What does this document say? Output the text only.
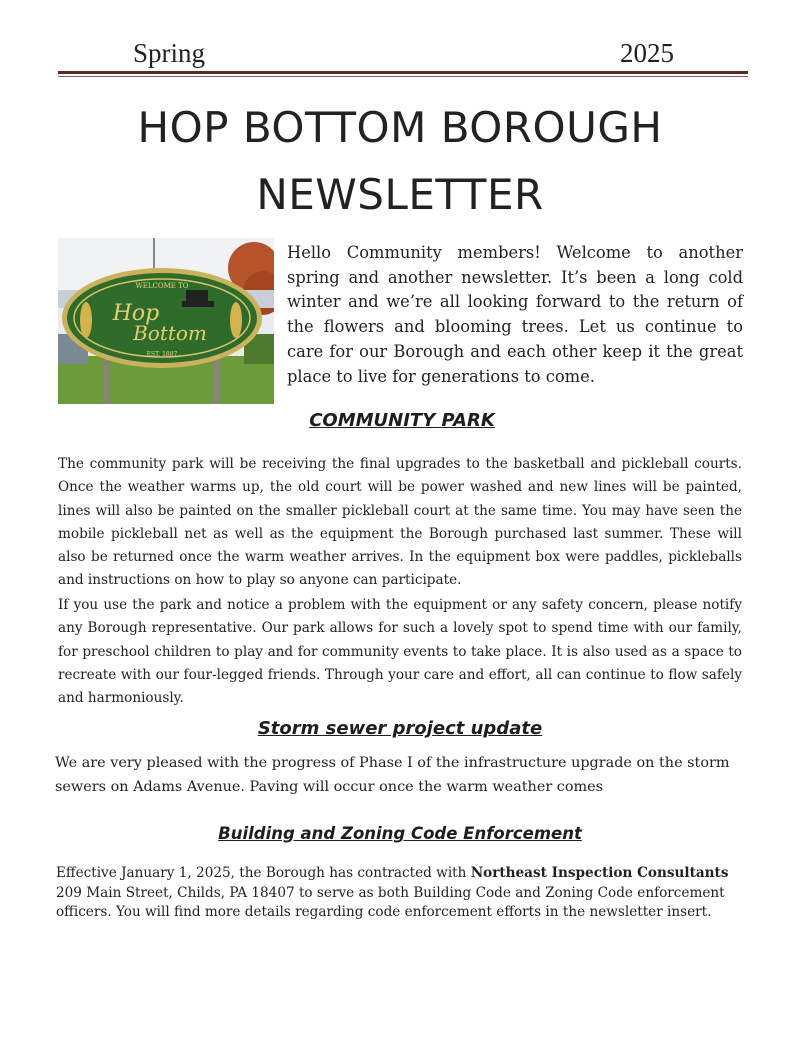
Spring	2025
HOP BOTTOM BOROUGH
NEWSLETTER
WELCOME TO
Hop
Bottom
EST. 1887
Hello Community members! Welcome to another spring and another newsletter. It’s been a long cold winter and we’re all looking forward to the return of the flowers and blooming trees. Let us continue to care for our Borough and each other keep it the great place to live for generations to come.
COMMUNITY PARK
The community park will be receiving the final upgrades to the basketball and pickleball courts. Once the weather warms up, the old court will be power washed and new lines will be painted, lines will also be painted on the smaller pickleball court at the same time. You may have seen the mobile pickleball net as well as the equipment the Borough purchased last summer. These will also be returned once the warm weather arrives. In the equipment box were paddles, pickleballs and instructions on how to play so anyone can participate.
If you use the park and notice a problem with the equipment or any safety concern, please notify any Borough representative. Our park allows for such a lovely spot to spend time with our family, for preschool children to play and for community events to take place. It is also used as a space to recreate with our four-legged friends. Through your care and effort, all can continue to flow safely and harmoniously.
Storm sewer project update
We are very pleased with the progress of Phase I of the infrastructure upgrade on the storm sewers on Adams Avenue. Paving will occur once the warm weather comes
Building and Zoning Code Enforcement
Effective January 1, 2025, the Borough has contracted with Northeast Inspection Consultants 209 Main Street, Childs, PA 18407 to serve as both Building Code and Zoning Code enforcement officers. You will find more details regarding code enforcement efforts in the newsletter insert.
